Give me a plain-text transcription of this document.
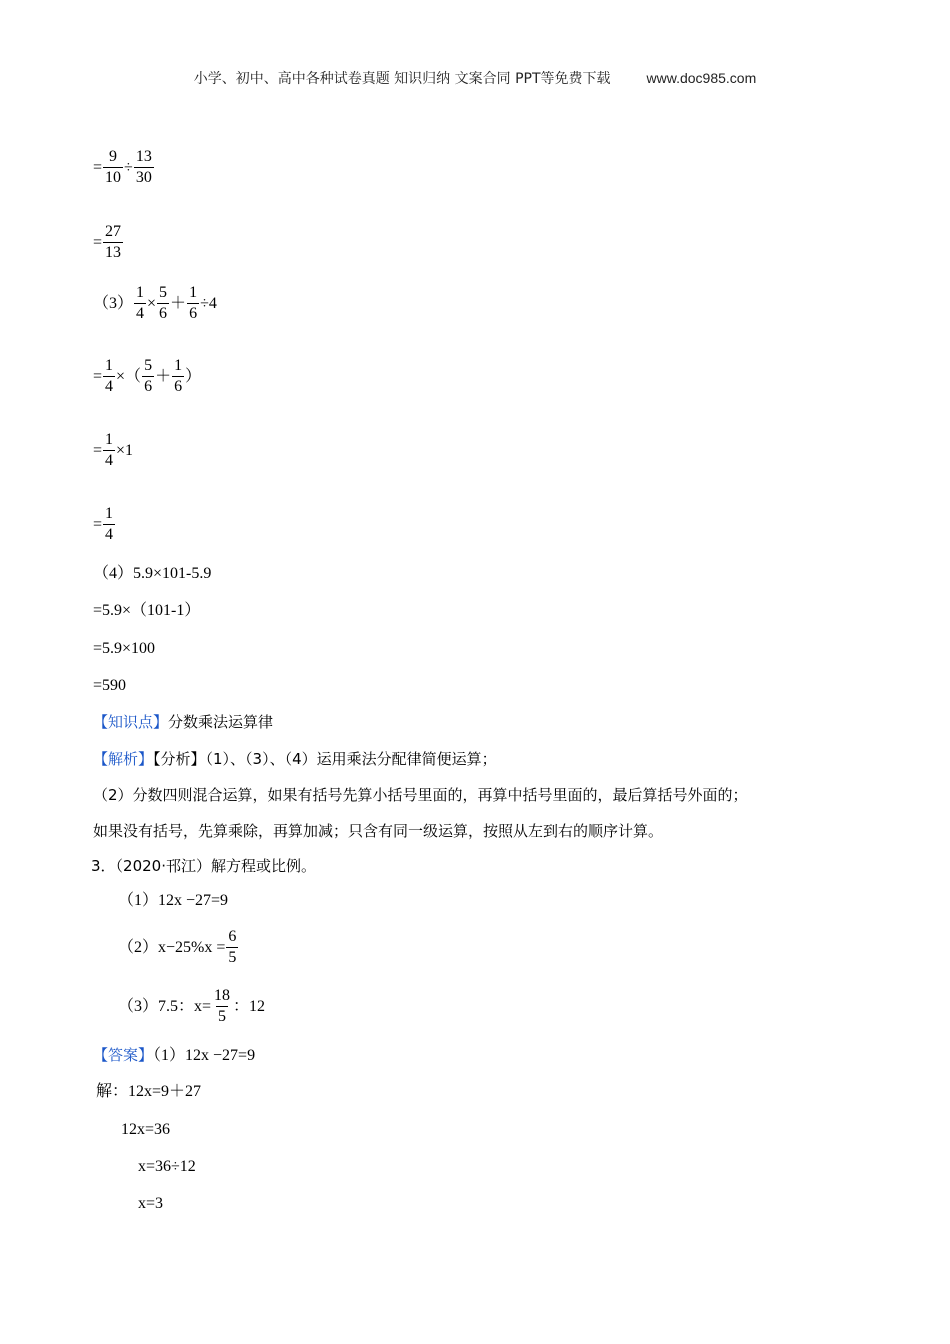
小学、初中、高中各种试卷真题 知识归纳 文案合同 PPT等免费下载	www.doc985.com
= $\frac{9}{10} \div \frac{13}{30}$
= $\frac{27}{13}$
$(3) \frac{1}{4} \times \frac{5}{6} + \frac{1}{6} \div 4$
= $\frac{1}{4}$ ×（
5
6
＋
1
6
）
= $\frac{1}{4} \times 1$
= $\frac{1}{4}$
（4）5.9×101-5.9
=5.9×（101-1）
=5.9×100
=590
【知识点】分数乘法运算律
【解析】【分析】（1）、（3）、（4）运用乘法分配律简便运算；
（2）分数四则混合运算，如果有括号先算小括号里面的，再算中括号里面的，最后算括号外面的；
如果没有括号，先算乘除，再算加减；只含有同一级运算，按照从左到右的顺序计算。
3．（2020·邗江）解方程或比例。
（1）12x −27=9
$(2)x-25\%x = \frac{6}{5}$
（3）7.5：$x= \frac{18}{5}$ ：12
【答案】（1）12x −27=9
解：12x=9＋27
12x=36
x=36÷12
x=3
